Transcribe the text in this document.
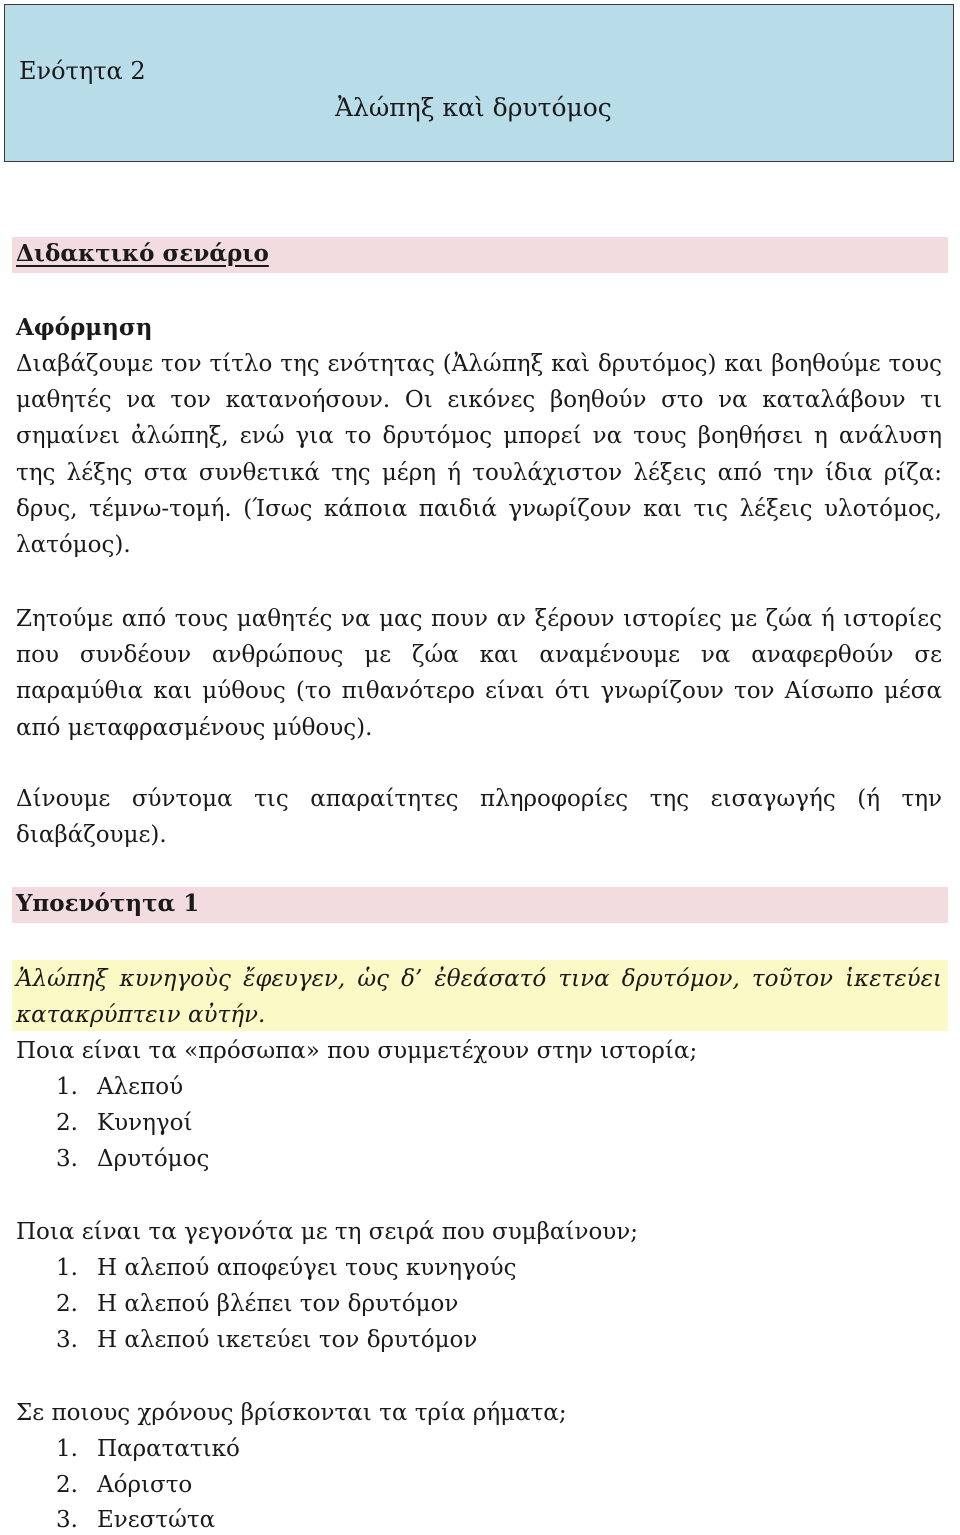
Ενότητα 2
Ἀλώπηξ καὶ δρυτόμος
Διδακτικό σενάριο
Αφόρμηση

Διαβάζουμε τον τίτλο της ενότητας (Ἀλώπηξ καὶ δρυτόμος) και βοηθούμε τους μαθητές να τον κατανοήσουν. Οι εικόνες βοηθούν στο να καταλάβουν τι σημαίνει ἀλώπηξ, ενώ για το δρυτόμος μπορεί να τους βοηθήσει η ανάλυση της λέξης στα συνθετικά της μέρη ή τουλάχιστον λέξεις από την ίδια ρίζα: δρυς, τέμνω-τομή. (Ίσως κάποια παιδιά γνωρίζουν και τις λέξεις υλοτόμος, λατόμος).

Ζητούμε από τους μαθητές να μας πουν αν ξέρουν ιστορίες με ζώα ή ιστορίες που συνδέουν ανθρώπους με ζώα και αναμένουμε να αναφερθούν σε παραμύθια και μύθους (το πιθανότερο είναι ότι γνωρίζουν τον Αίσωπο μέσα από μεταφρασμένους μύθους).

Δίνουμε σύντομα τις απαραίτητες πληροφορίες της εισαγωγής (ή την διαβάζουμε).

Υποενότητα 1

Ἀλώπηξ κυνηγοὺς ἔφευγεν, ὡς δ’ ἐθεάσατό τινα δρυτόμον, τοῦτον ἱκετεύει κατακρύπτειν αὐτήν.

Ποια είναι τα «πρόσωπα» που συμμετέχουν στην ιστορία;
1. Αλεπού
2. Κυνηγοί
3. Δρυτόμος
Ποια είναι τα γεγονότα με τη σειρά που συμβαίνουν;
1. Η αλεπού αποφεύγει τους κυνηγούς
2. Η αλεπού βλέπει τον δρυτόμον
3. Η αλεπού ικετεύει τον δρυτόμον
Σε ποιους χρόνους βρίσκονται τα τρία ρήματα;
1. Παρατατικό
2. Αόριστο
3. Ενεστώτα
